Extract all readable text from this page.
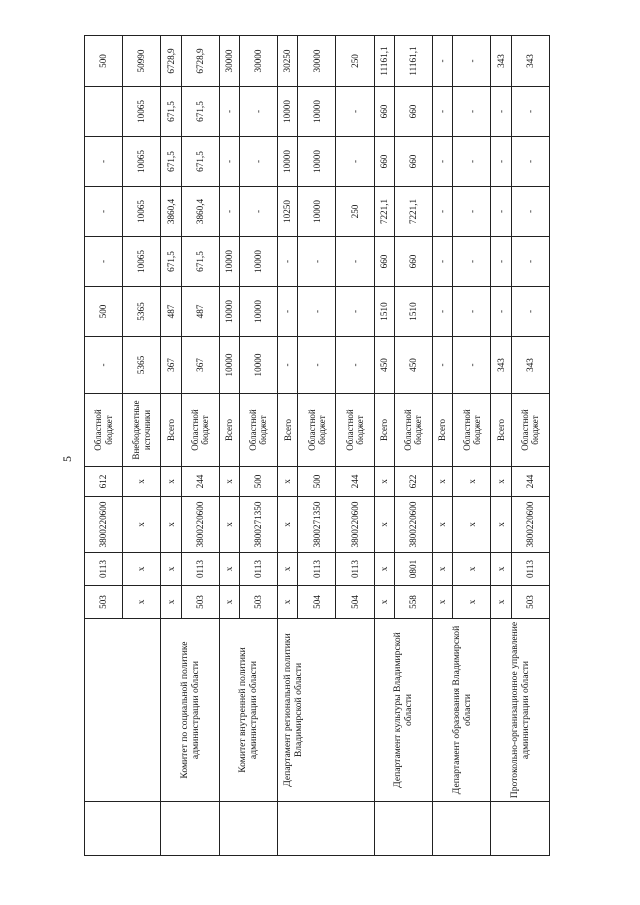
5
		503	0113	3800220600	612	Областной бюджет	-	500	-	-	-		500
		x	x	x	x	Внебюджетные источники	5365	5365	10065	10065	10065	10065	50990
	Комитет по социальной политике администрации области	x	x	x	x	Всего	367	487	671,5	3860,4	671,5	671,5	6728,9
		503	0113	3800220600	244	Областной бюджет	367	487	671,5	3860,4	671,5	671,5	6728,9
	Комитет внутренней политики администрации области	x	x	x	x	Всего	10000	10000	10000	-	-	-	30000
		503	0113	3800271350	500	Областной бюджет	10000	10000	10000	-	-	-	30000
	Департамент региональной политики Владимирской области	x	x	x	x	Всего	-	-	-	10250	10000	10000	30250
		504	0113	3800271350	500	Областной бюджет	-	-	-	10000	10000	10000	30000
		504	0113	3800220600	244	Областной бюджет	-	-	-	250	-	-	250
	Департамент культуры Владимирской области	x	x	x	x	Всего	450	1510	660	7221,1	660	660	11161,1
		558	0801	3800220600	622	Областной бюджет	450	1510	660	7221,1	660	660	11161,1
	Департамент образования Владимирской области	x	x	x	x	Всего	-	-	-	-	-	-	-
		x	x	x	x	Областной бюджет	-	-	-	-	-	-	-
	Протокольно-организационное управление администрации области	x	x	x	x	Всего	343	-	-	-	-	-	343
		503	0113	3800220600	244	Областной бюджет	343	-	-	-	-	-	343
